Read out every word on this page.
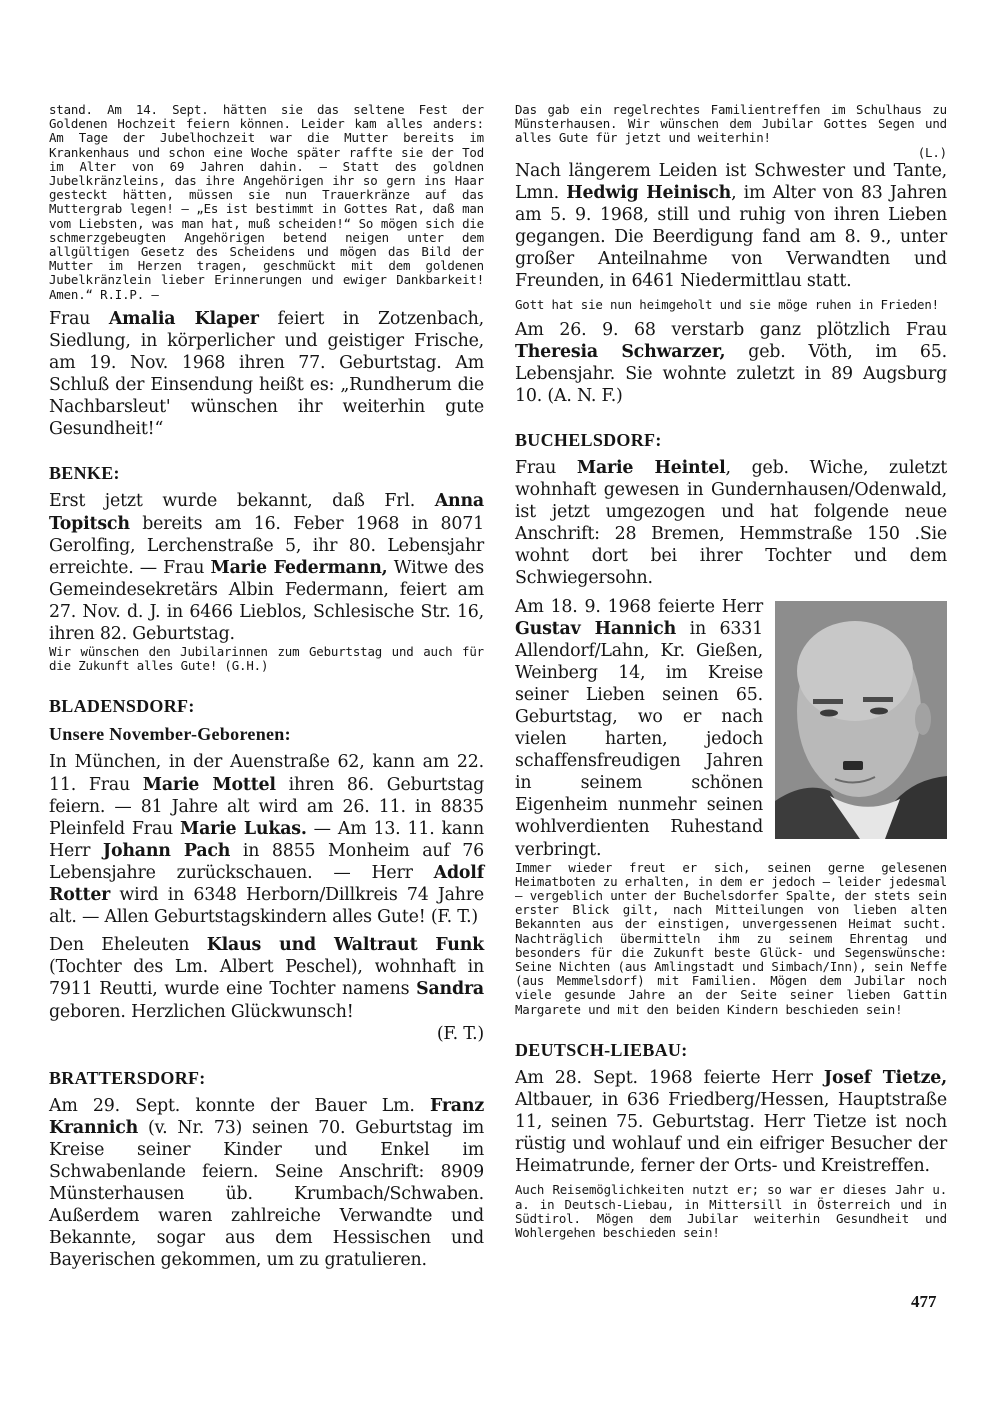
stand. Am 14. Sept. hätten sie das seltene Fest der Goldenen Hochzeit feiern können. Leider kam alles anders: Am Tage der Jubelhochzeit war die Mutter bereits im Krankenhaus und schon eine Woche später raffte sie der Tod im Alter von 69 Jahren dahin. — Statt des goldnen Jubelkränzleins, das ihre Angehörigen ihr so gern ins Haar gesteckt hätten, müssen sie nun Trauerkränze auf das Muttergrab legen! — „Es ist bestimmt in Gottes Rat, daß man vom Liebsten, was man hat, muß scheiden!“ So mögen sich die schmerzgebeugten Angehörigen betend neigen unter dem allgültigen Gesetz des Scheidens und mögen das Bild der Mutter im Herzen tragen, geschmückt mit dem goldenen Jubelkränzlein lieber Erinnerungen und ewiger Dankbarkeit! Amen.“ R.I.P. —

Frau Amalia Klaper feiert in Zotzenbach, Siedlung, in körperlicher und geistiger Frische, am 19. Nov. 1968 ihren 77. Geburtstag. Am Schluß der Einsendung heißt es: „Rundherum die Nachbarsleut' wünschen ihr weiterhin gute Gesundheit!“

BENKE:

Erst jetzt wurde bekannt, daß Frl. Anna Topitsch bereits am 16. Feber 1968 in 8071 Gerolfing, Lerchenstraße 5, ihr 80. Lebensjahr erreichte. — Frau Marie Federmann, Witwe des Gemeindesekretärs Albin Federmann, feiert am 27. Nov. d. J. in 6466 Lieblos, Schlesische Str. 16, ihren 82. Geburtstag.

Wir wünschen den Jubilarinnen zum Geburtstag und auch für die Zukunft alles Gute! (G.H.)

BLADENSDORF:
Unsere November-Geborenen:

In München, in der Auenstraße 62, kann am 22. 11. Frau Marie Mottel ihren 86. Geburtstag feiern. — 81 Jahre alt wird am 26. 11. in 8835 Pleinfeld Frau Marie Lukas. — Am 13. 11. kann Herr Johann Pach in 8855 Monheim auf 76 Lebensjahre zurückschauen. — Herr Adolf Rotter wird in 6348 Herborn/Dillkreis 74 Jahre alt. — Allen Geburtstagskindern alles Gute! (F. T.)

Den Eheleuten Klaus und Waltraut Funk (Tochter des Lm. Albert Peschel), wohnhaft in 7911 Reutti, wurde eine Tochter namens Sandra geboren. Herzlichen Glückwunsch!
(F. T.)

BRATTERSDORF:

Am 29. Sept. konnte der Bauer Lm. Franz Krannich (v. Nr. 73) seinen 70. Geburtstag im Kreise seiner Kinder und Enkel im Schwabenlande feiern. Seine Anschrift: 8909 Münsterhausen üb. Krumbach/Schwaben. Außerdem waren zahlreiche Verwandte und Bekannte, sogar aus dem Hessischen und Bayerischen gekommen, um zu gratulieren.

Das gab ein regelrechtes Familientreffen im Schulhaus zu Münsterhausen. Wir wünschen dem Jubilar Gottes Segen und alles Gute für jetzt und weiterhin!
(L.)

Nach längerem Leiden ist Schwester und Tante, Lmn. Hedwig Heinisch, im Alter von 83 Jahren am 5. 9. 1968, still und ruhig von ihren Lieben gegangen. Die Beerdigung fand am 8. 9., unter großer Anteilnahme von Verwandten und Freunden, in 6461 Niedermittlau statt.

Gott hat sie nun heimgeholt und sie möge ruhen in Frieden!

Am 26. 9. 68 verstarb ganz plötzlich Frau Theresia Schwarzer, geb. Vöth, im 65. Lebensjahr. Sie wohnte zuletzt in 89 Augsburg 10. (A. N. F.)

BUCHELSDORF:

Frau Marie Heintel, geb. Wiche, zuletzt wohnhaft gewesen in Gundernhausen/Odenwald, ist jetzt umgezogen und hat folgende neue Anschrift: 28 Bremen, Hemmstraße 150 .Sie wohnt dort bei ihrer Tochter und dem Schwiegersohn.

Am 18. 9. 1968 feierte Herr Gustav Hannich in 6331 Allendorf/Lahn, Kr. Gießen, Weinberg 14, im Kreise seiner Lieben seinen 65. Geburtstag, wo er nach vielen harten, jedoch schaffensfreudigen Jahren in seinem schönen Eigenheim nunmehr seinen wohlverdienten Ruhestand verbringt.

Immer wieder freut er sich, seinen gerne gelesenen Heimatboten zu erhalten, in dem er jedoch — leider jedesmal — vergeblich unter der Buchelsdorfer Spalte, der stets sein erster Blick gilt, nach Mitteilungen von lieben alten Bekannten aus der einstigen, unvergessenen Heimat sucht. Nachträglich übermitteln ihm zu seinem Ehrentag und besonders für die Zukunft beste Glück- und Segenswünsche: Seine Nichten (aus Amlingstadt und Simbach/Inn), sein Neffe (aus Memmelsdorf) mit Familien. Mögen dem Jubilar noch viele gesunde Jahre an der Seite seiner lieben Gattin Margarete und mit den beiden Kindern beschieden sein!

DEUTSCH-LIEBAU:

Am 28. Sept. 1968 feierte Herr Josef Tietze, Altbauer, in 636 Friedberg/Hessen, Hauptstraße 11, seinen 75. Geburtstag. Herr Tietze ist noch rüstig und wohlauf und ein eifriger Besucher der Heimatrunde, ferner der Orts- und Kreistreffen.

Auch Reisemöglichkeiten nutzt er; so war er dieses Jahr u. a. in Deutsch-Liebau, in Mittersill in Österreich und in Südtirol. Mögen dem Jubilar weiterhin Gesundheit und Wohlergehen beschieden sein!

477
